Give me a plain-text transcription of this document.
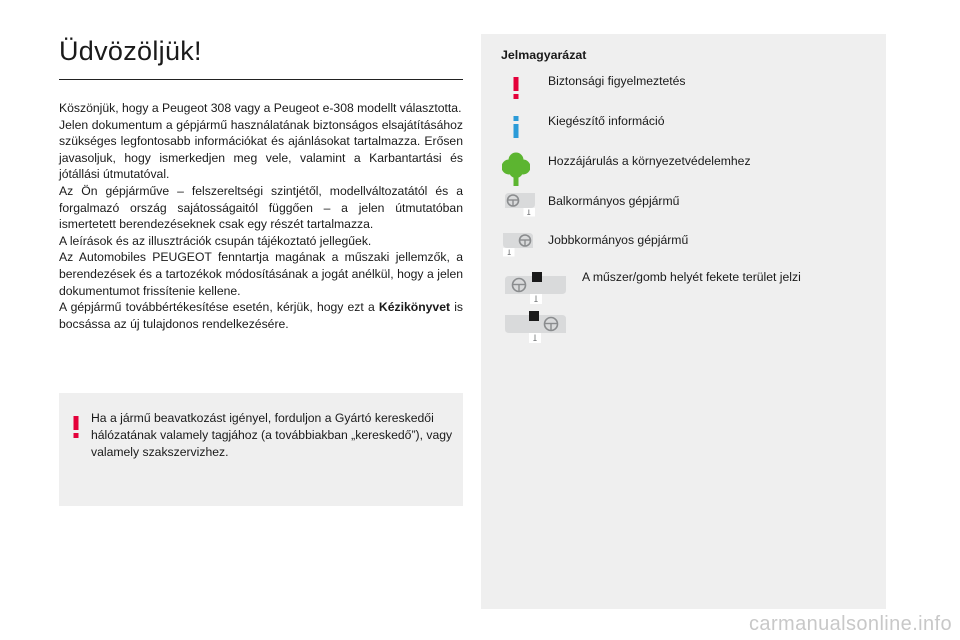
Üdvözöljük!

Köszönjük, hogy a Peugeot 308 vagy a Peugeot e-308 modellt választotta.

Jelen dokumentum a gépjármű használatának biztonságos elsajátításához szükséges legfontosabb információkat és ajánlásokat tartalmazza. Erősen javasoljuk, hogy ismerkedjen meg vele, valamint a Karbantartási és jótállási útmutatóval.

Az Ön gépjárműve – felszereltségi szintjétől, modellváltozatától és a forgalmazó ország sajátosságaitól függően – a jelen útmutatóban ismertetett berendezéseknek csak egy részét tartalmazza.

A leírások és az illusztrációk csupán tájékoztató jellegűek.

Az Automobiles PEUGEOT fenntartja magának a műszaki jellemzők, a berendezések és a tartozékok módosításának a jogát anélkül, hogy a jelen dokumentumot frissítenie kellene.

A gépjármű továbbértékesítése esetén, kérjük, hogy ezt a Kézikönyvet is bocsássa az új tulajdonos rendelkezésére.

Ha a jármű beavatkozást igényel, forduljon a Gyártó kereskedői hálózatának valamely tagjához (a továbbiakban „kereskedő”), vagy valamely szakszervizhez.
Jelmagyarázat
Biztonsági figyelmeztetés
Kiegészítő információ
Hozzájárulás a környezetvédelemhez
Balkormányos gépjármű
Jobbkormányos gépjármű
A műszer/gomb helyét fekete terület jelzi
carmanualsonline.info
